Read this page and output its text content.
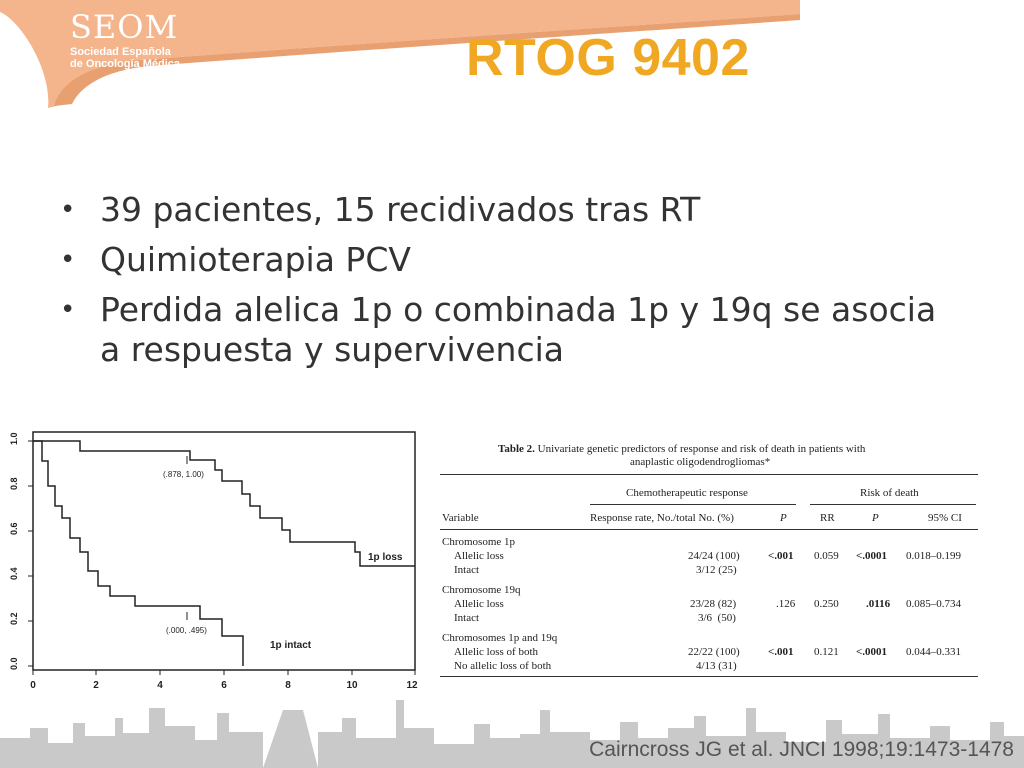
SEOM
Sociedad Española
de Oncología Médica	RTOG 9402
• 39 pacientes, 15 recidivados tras RT
• Quimioterapia PCV
• Perdida alelica 1p o combinada 1p y 19q se asocia a respuesta y supervivencia
0.0
0.2
0.4
0.6
0.8
1.0
0	2	4	6	8	10	12
(.878, 1.00)
(.000, .495)
1p loss
1p intact
Table 2. Univariate genetic predictors of response and risk of death in patients with
anaplastic oligodendrogliomas*
Chemotherapeutic response	Risk of death
Variable	Response rate, No./total No. (%)	P	RR	P	95% CI
Chromosome 1p
Allelic loss	24/24 (100)	<.001 0.059 <.0001 0.018–0.199
Intact	3/12 (25)
Chromosome 19q
Allelic loss	23/28 (82)	.126 0.250 .0116 0.085–0.734
Intact	3/6  (50)
Chromosomes 1p and 19q
Allelic loss of both	22/22 (100)	<.001 0.121 <.0001 0.044–0.331
No allelic loss of both	4/13 (31)

Cairncross JG et al. JNCI 1998;19:1473-1478
